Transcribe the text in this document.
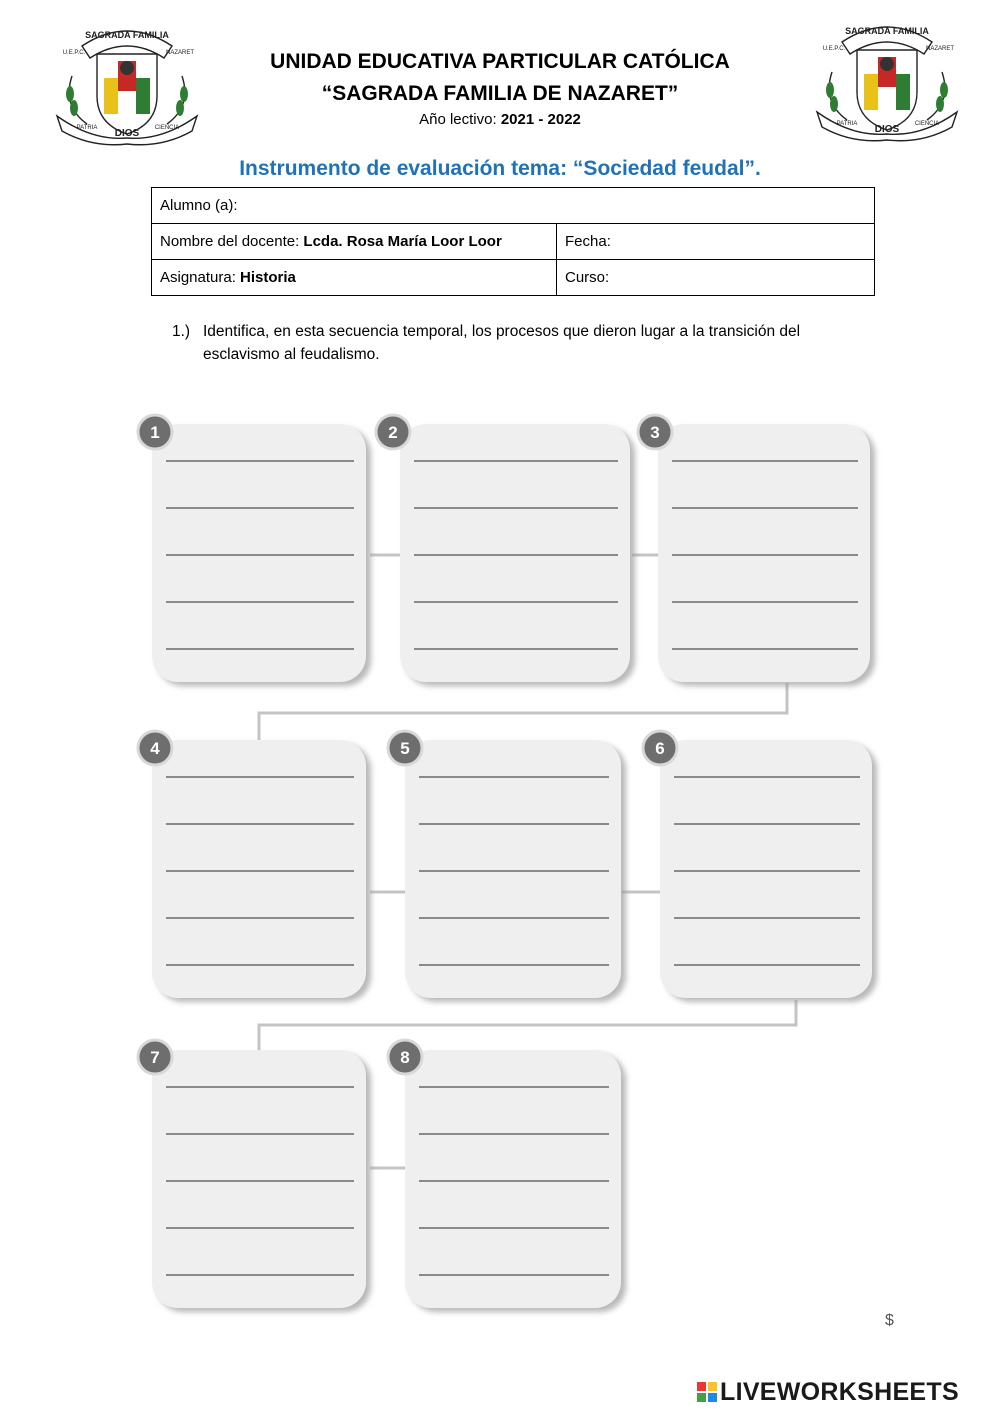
SAGRADA FAMILIA
U.E.P.C.	NAZARET
DIOS
PATRIA	CIENCIA
SAGRADA FAMILIA
U.E.P.C.	NAZARET
DIOS
PATRIA	CIENCIA
UNIDAD EDUCATIVA PARTICULAR CATÓLICA
“SAGRADA FAMILIA DE NAZARET”
Año lectivo: 2021 - 2022
Instrumento de evaluación tema: “Sociedad feudal”.
Alumno (a):	
Nombre del docente: Lcda. Rosa María Loor Loor	Fecha:
Asignatura: Historia	Curso:
1.) Identifica, en esta secuencia temporal, los procesos que dieron lugar a la transición del esclavismo al feudalismo.
1	2	3
4	5	6
7	8
$
LIVEWORKSHEETS
